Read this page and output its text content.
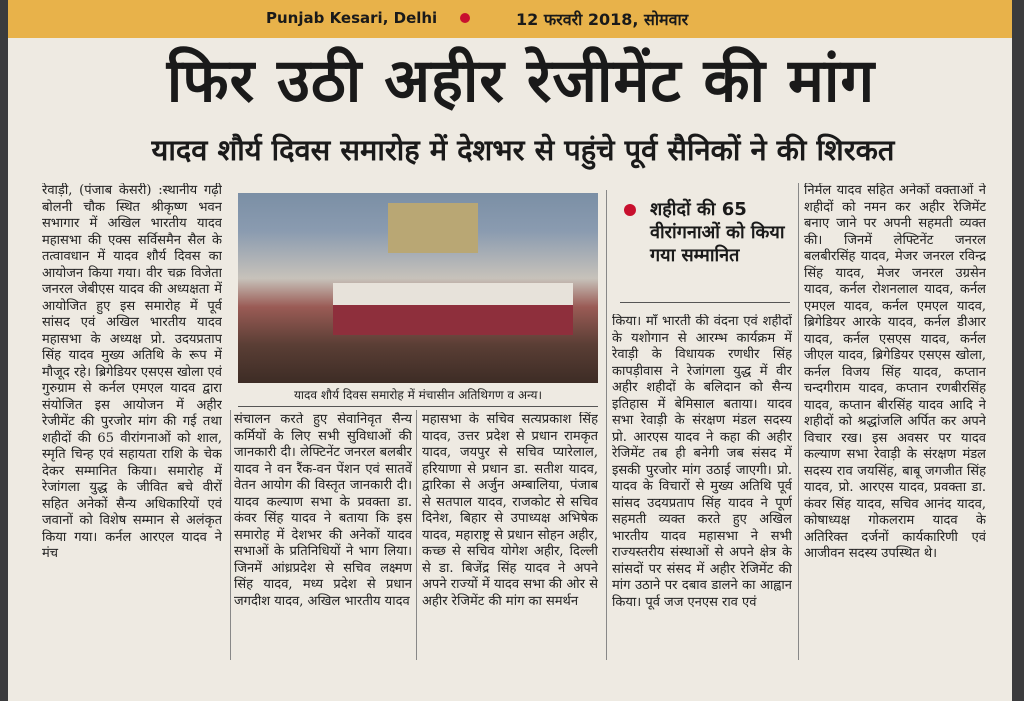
Punjab Kesari, Delhi	12 फरवरी 2018, सोमवार
फिर उठी अहीर रेजीमेंट की मांग
यादव शौर्य दिवस समारोह में देशभर से पहुंचे पूर्व सैनिकों ने की शिरकत
रेवाड़ी, (पंजाब केसरी) :स्थानीय गढ़ी बोलनी चौक स्थित श्रीकृष्ण भवन सभागार में अखिल भारतीय यादव महासभा की एक्स सर्विसमैन सैल के तत्वावधान में यादव शौर्य दिवस का आयोजन किया गया। वीर चक्र विजेता जनरल जेबीएस यादव की अध्यक्षता में आयोजित हुए इस समारोह में पूर्व सांसद एवं अखिल भारतीय यादव महासभा के अध्यक्ष प्रो. उदयप्रताप सिंह यादव मुख्य अतिथि के रूप में मौजूद रहे। ब्रिगेडियर एसएस खोला एवं गुरुग्राम से कर्नल एमएल यादव द्वारा संयोजित इस आयोजन में अहीर रेजीमेंट की पुरजोर मांग की गई तथा शहीदों की 65 वीरांगनाओं को शाल, स्मृति चिन्ह एवं सहायता राशि के चेक देकर सम्मानित किया। समारोह में रेजांगला युद्ध के जीवित बचे वीरों सहित अनेकों सैन्य अधिकारियों एवं जवानों को विशेष सम्मान से अलंकृत किया गया। कर्नल आरएल यादव ने मंच
यादव शौर्य दिवस समारोह में मंचासीन अतिथिगण व अन्य।
संचालन करते हुए सेवानिवृत सैन्य कर्मियों के लिए सभी सुविधाओं की जानकारी दी। लेफ्टिनेंट जनरल बलबीर यादव ने वन रैंक-वन पेंशन एवं सातवें वेतन आयोग की विस्तृत जानकारी दी। यादव कल्याण सभा के प्रवक्ता डा. कंवर सिंह यादव ने बताया कि इस समारोह में देशभर की अनेकों यादव सभाओं के प्रतिनिधियों ने भाग लिया। जिनमें आंध्रप्रदेश से सचिव लक्ष्मण सिंह यादव, मध्य प्रदेश से प्रधान जगदीश यादव, अखिल भारतीय यादव
महासभा के सचिव सत्यप्रकाश सिंह यादव, उत्तर प्रदेश से प्रधान रामकृत यादव, जयपुर से सचिव प्यारेलाल, हरियाणा से प्रधान डा. सतीश यादव, द्वारिका से अर्जुन अम्बालिया, पंजाब से सतपाल यादव, राजकोट से सचिव दिनेश, बिहार से उपाध्यक्ष अभिषेक यादव, महाराष्ट्र से प्रधान सोहन अहीर, कच्छ से सचिव योगेश अहीर, दिल्ली से डा. बिजेंद्र सिंह यादव ने अपने अपने राज्यों में यादव सभा की ओर से अहीर रेजिमेंट की मांग का समर्थन
शहीदों की 65 वीरांगनाओं को किया गया सम्मानित
किया। माँ भारती की वंदना एवं शहीदों के यशोगान से आरम्भ कार्यक्रम में रेवाड़ी के विधायक रणधीर सिंह कापड़ीवास ने रेजांगला युद्ध में वीर अहीर शहीदों के बलिदान को सैन्य इतिहास में बेमिसाल बताया। यादव सभा रेवाड़ी के संरक्षण मंडल सदस्य प्रो. आरएस यादव ने कहा की अहीर रेजिमेंट तब ही बनेगी जब संसद में इसकी पुरजोर मांग उठाई जाएगी। प्रो. यादव के विचारों से मुख्य अतिथि पूर्व सांसद उदयप्रताप सिंह यादव ने पूर्ण सहमती व्यक्त करते हुए अखिल भारतीय यादव महासभा ने सभी राज्यस्तरीय संस्थाओं से अपने क्षेत्र के सांसदों पर संसद में अहीर रेजिमेंट की मांग उठाने पर दबाव डालने का आह्वान किया। पूर्व जज एनएस राव एवं
निर्मल यादव सहित अनेकों वक्ताओं ने शहीदों को नमन कर अहीर रेजिमेंट बनाए जाने पर अपनी सहमती व्यक्त की। जिनमें लेफ्टिनेंट जनरल बलबीरसिंह यादव, मेजर जनरल रविन्द्र सिंह यादव, मेजर जनरल उग्रसेन यादव, कर्नल रोशनलाल यादव, कर्नल एमएल यादव, कर्नल एमएल यादव, ब्रिगेडियर आरके यादव, कर्नल डीआर यादव, कर्नल एसएस यादव, कर्नल जीएल यादव, ब्रिगेडियर एसएस खोला, कर्नल विजय सिंह यादव, कप्तान चन्दगीराम यादव, कप्तान रणबीरसिंह यादव, कप्तान बीरसिंह यादव आदि ने शहीदों को श्रद्धांजलि अर्पित कर अपने विचार रख। इस अवसर पर यादव कल्याण सभा रेवाड़ी के संरक्षण मंडल सदस्य राव जयसिंह, बाबू जगजीत सिंह यादव, प्रो. आरएस यादव, प्रवक्ता डा. कंवर सिंह यादव, सचिव आनंद यादव, कोषाध्यक्ष गोकलराम यादव के अतिरिक्त दर्जनों कार्यकारिणी एवं आजीवन सदस्य उपस्थित थे।
